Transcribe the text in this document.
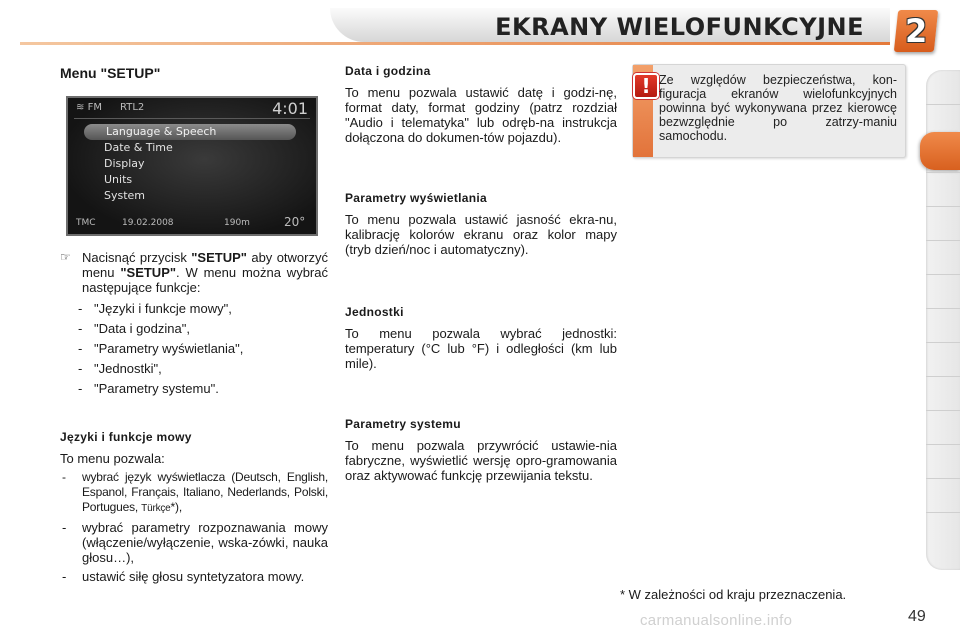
EKRANY WIELOFUNKCYJNE 2
Menu "SETUP"
≋ FM RTL2	4:01
Language & Speech
Date & Time
Display
Units
System
TMC	19.02.2008	190m	20°
☞ Nacisnąć przycisk "SETUP" aby otworzyć menu "SETUP". W menu można wybrać następujące funkcje:
- "Języki i funkcje mowy",
- "Data i godzina",
- "Parametry wyświetlania",
- "Jednostki",
- "Parametry systemu".
Języki i funkcje mowy
To menu pozwala:
- wybrać język wyświetlacza (Deutsch, English, Espanol, Français, Italiano, Nederlands, Polski, Portugues, Türkçe*),
- wybrać parametry rozpoznawania mowy (włączenie/wyłączenie, wska-zówki, nauka głosu…),
- ustawić siłę głosu syntetyzatora mowy.
Data i godzina
To menu pozwala ustawić datę i godzi-nę, format daty, format godziny (patrz rozdział "Audio i telematyka" lub odręb-na instrukcja dołączona do dokumen-tów pojazdu).
Parametry wyświetlania
To menu pozwala ustawić jasność ekra-nu, kalibrację kolorów ekranu oraz kolor mapy (tryb dzień/noc i automatyczny).
Jednostki
To menu pozwala wybrać jednostki: temperatury (°C lub °F) i odległości (km lub mile).
Parametry systemu
To menu pozwala przywrócić ustawie-nia fabryczne, wyświetlić wersję opro-gramowania oraz aktywować funkcję przewijania tekstu.
! Ze względów bezpieczeństwa, kon-figuracja ekranów wielofunkcyjnych powinna być wykonywana przez kierowcę bezwzględnie po zatrzy-maniu samochodu.
* W zależności od kraju przeznaczenia.
carmanualsonline.info	49
